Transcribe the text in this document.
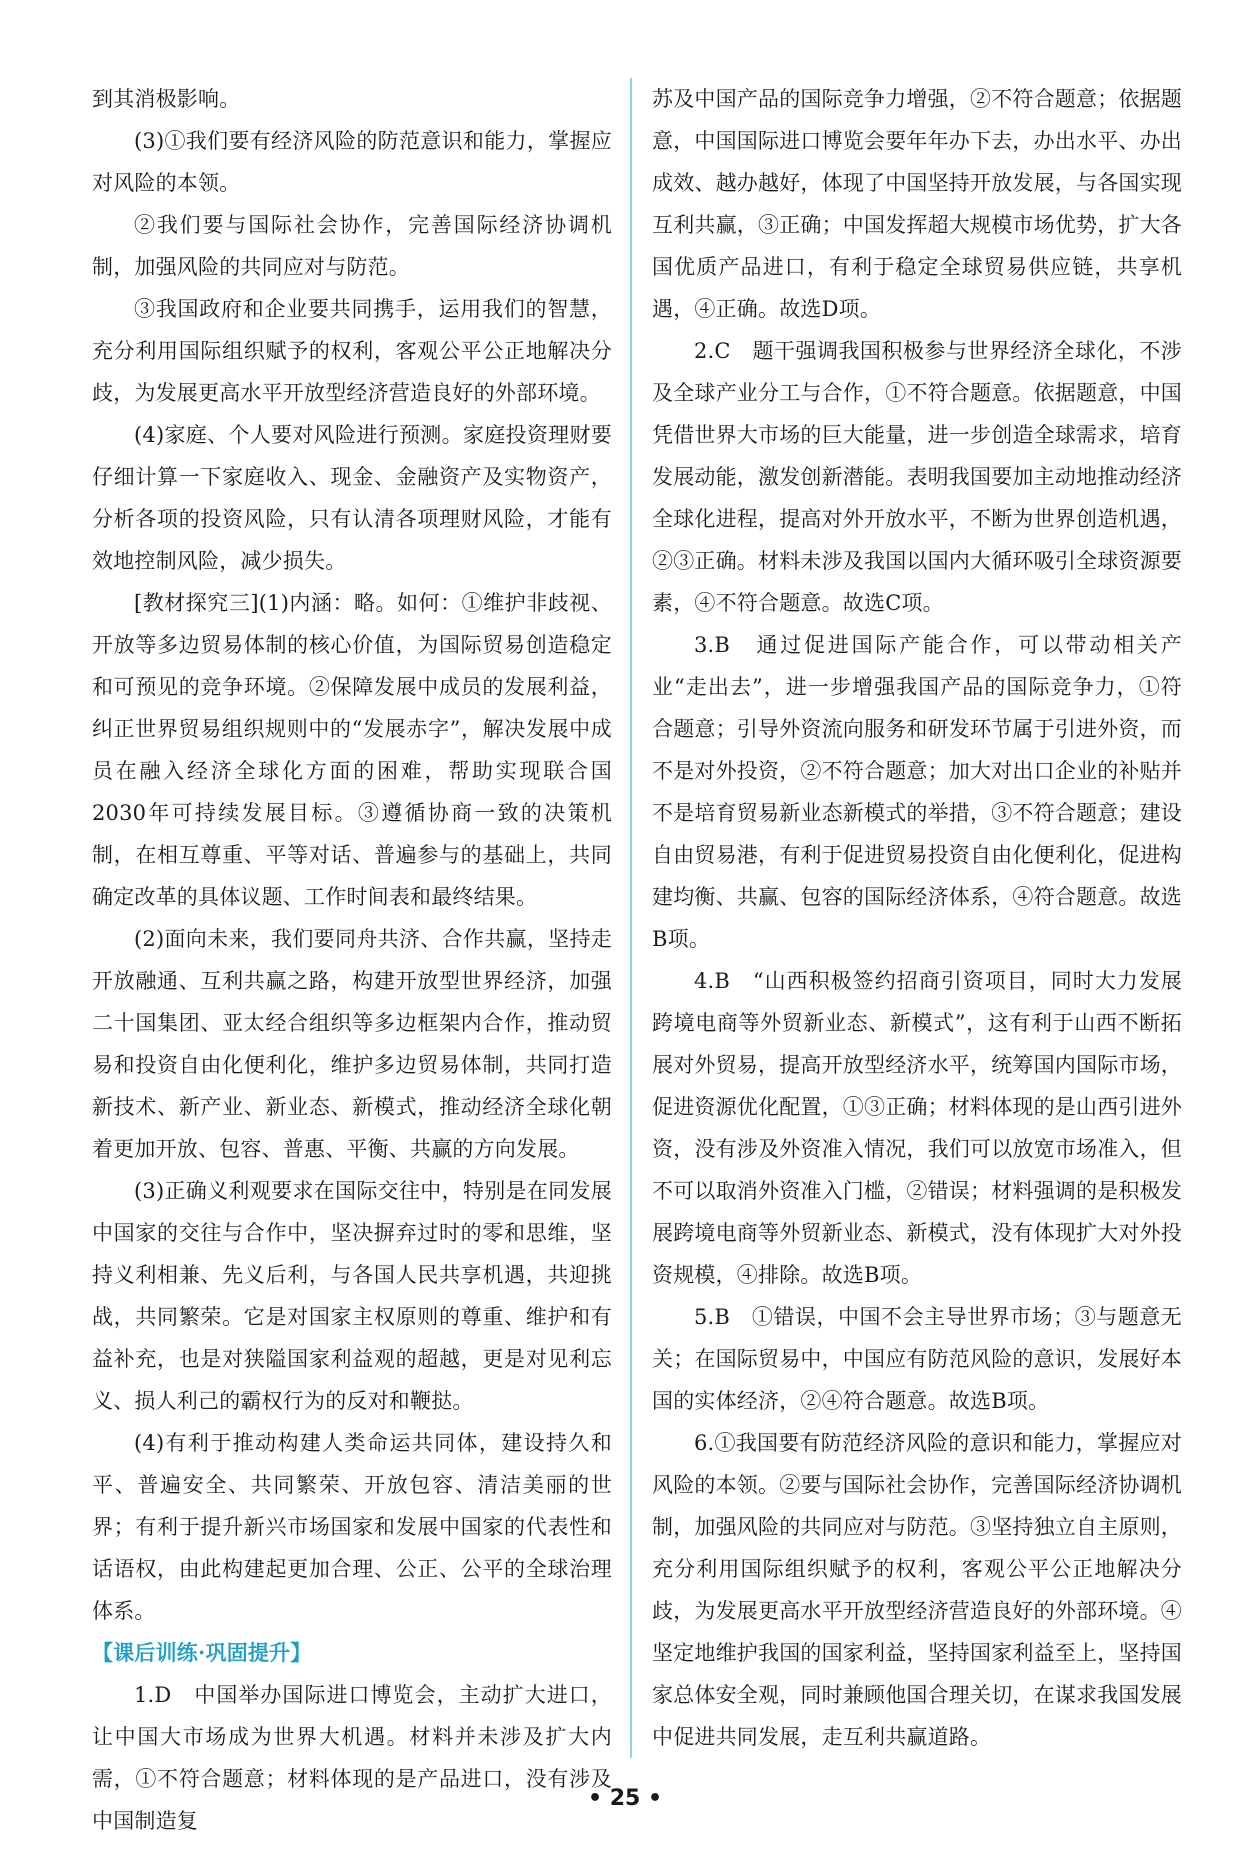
到其消极影响。

(3)①我们要有经济风险的防范意识和能力，掌握应对风险的本领。

②我们要与国际社会协作，完善国际经济协调机制，加强风险的共同应对与防范。

③我国政府和企业要共同携手，运用我们的智慧，充分利用国际组织赋予的权利，客观公平公正地解决分歧，为发展更高水平开放型经济营造良好的外部环境。

(4)家庭、个人要对风险进行预测。家庭投资理财要仔细计算一下家庭收入、现金、金融资产及实物资产，分析各项的投资风险，只有认清各项理财风险，才能有效地控制风险，减少损失。

[教材探究三](1)内涵：略。如何：①维护非歧视、开放等多边贸易体制的核心价值，为国际贸易创造稳定和可预见的竞争环境。②保障发展中成员的发展利益，纠正世界贸易组织规则中的“发展赤字”，解决发展中成员在融入经济全球化方面的困难，帮助实现联合国2030年可持续发展目标。③遵循协商一致的决策机制，在相互尊重、平等对话、普遍参与的基础上，共同确定改革的具体议题、工作时间表和最终结果。

(2)面向未来，我们要同舟共济、合作共赢，坚持走开放融通、互利共赢之路，构建开放型世界经济，加强二十国集团、亚太经合组织等多边框架内合作，推动贸易和投资自由化便利化，维护多边贸易体制，共同打造新技术、新产业、新业态、新模式，推动经济全球化朝着更加开放、包容、普惠、平衡、共赢的方向发展。

(3)正确义利观要求在国际交往中，特别是在同发展中国家的交往与合作中，坚决摒弃过时的零和思维，坚持义利相兼、先义后利，与各国人民共享机遇，共迎挑战，共同繁荣。它是对国家主权原则的尊重、维护和有益补充，也是对狭隘国家利益观的超越，更是对见利忘义、损人利己的霸权行为的反对和鞭挞。

(4)有利于推动构建人类命运共同体，建设持久和平、普遍安全、共同繁荣、开放包容、清洁美丽的世界；有利于提升新兴市场国家和发展中国家的代表性和话语权，由此构建起更加合理、公正、公平的全球治理体系。

【课后训练·巩固提升】

1.D　中国举办国际进口博览会，主动扩大进口，让中国大市场成为世界大机遇。材料并未涉及扩大内需，①不符合题意；材料体现的是产品进口，没有涉及中国制造复

苏及中国产品的国际竞争力增强，②不符合题意；依据题意，中国国际进口博览会要年年办下去，办出水平、办出成效、越办越好，体现了中国坚持开放发展，与各国实现互利共赢，③正确；中国发挥超大规模市场优势，扩大各国优质产品进口，有利于稳定全球贸易供应链，共享机遇，④正确。故选D项。

2.C　题干强调我国积极参与世界经济全球化，不涉及全球产业分工与合作，①不符合题意。依据题意，中国凭借世界大市场的巨大能量，进一步创造全球需求，培育发展动能，激发创新潜能。表明我国要加主动地推动经济全球化进程，提高对外开放水平，不断为世界创造机遇，②③正确。材料未涉及我国以国内大循环吸引全球资源要素，④不符合题意。故选C项。

3.B　通过促进国际产能合作，可以带动相关产业“走出去”，进一步增强我国产品的国际竞争力，①符合题意；引导外资流向服务和研发环节属于引进外资，而不是对外投资，②不符合题意；加大对出口企业的补贴并不是培育贸易新业态新模式的举措，③不符合题意；建设自由贸易港，有利于促进贸易投资自由化便利化，促进构建均衡、共赢、包容的国际经济体系，④符合题意。故选B项。

4.B　“山西积极签约招商引资项目，同时大力发展跨境电商等外贸新业态、新模式”，这有利于山西不断拓展对外贸易，提高开放型经济水平，统筹国内国际市场，促进资源优化配置，①③正确；材料体现的是山西引进外资，没有涉及外资准入情况，我们可以放宽市场准入，但不可以取消外资准入门槛，②错误；材料强调的是积极发展跨境电商等外贸新业态、新模式，没有体现扩大对外投资规模，④排除。故选B项。

5.B　①错误，中国不会主导世界市场；③与题意无关；在国际贸易中，中国应有防范风险的意识，发展好本国的实体经济，②④符合题意。故选B项。

6.①我国要有防范经济风险的意识和能力，掌握应对风险的本领。②要与国际社会协作，完善国际经济协调机制，加强风险的共同应对与防范。③坚持独立自主原则，充分利用国际组织赋予的权利，客观公平公正地解决分歧，为发展更高水平开放型经济营造良好的外部环境。④坚定地维护我国的国家利益，坚持国家利益至上，坚持国家总体安全观，同时兼顾他国合理关切，在谋求我国发展中促进共同发展，走互利共赢道路。

• 25 •
